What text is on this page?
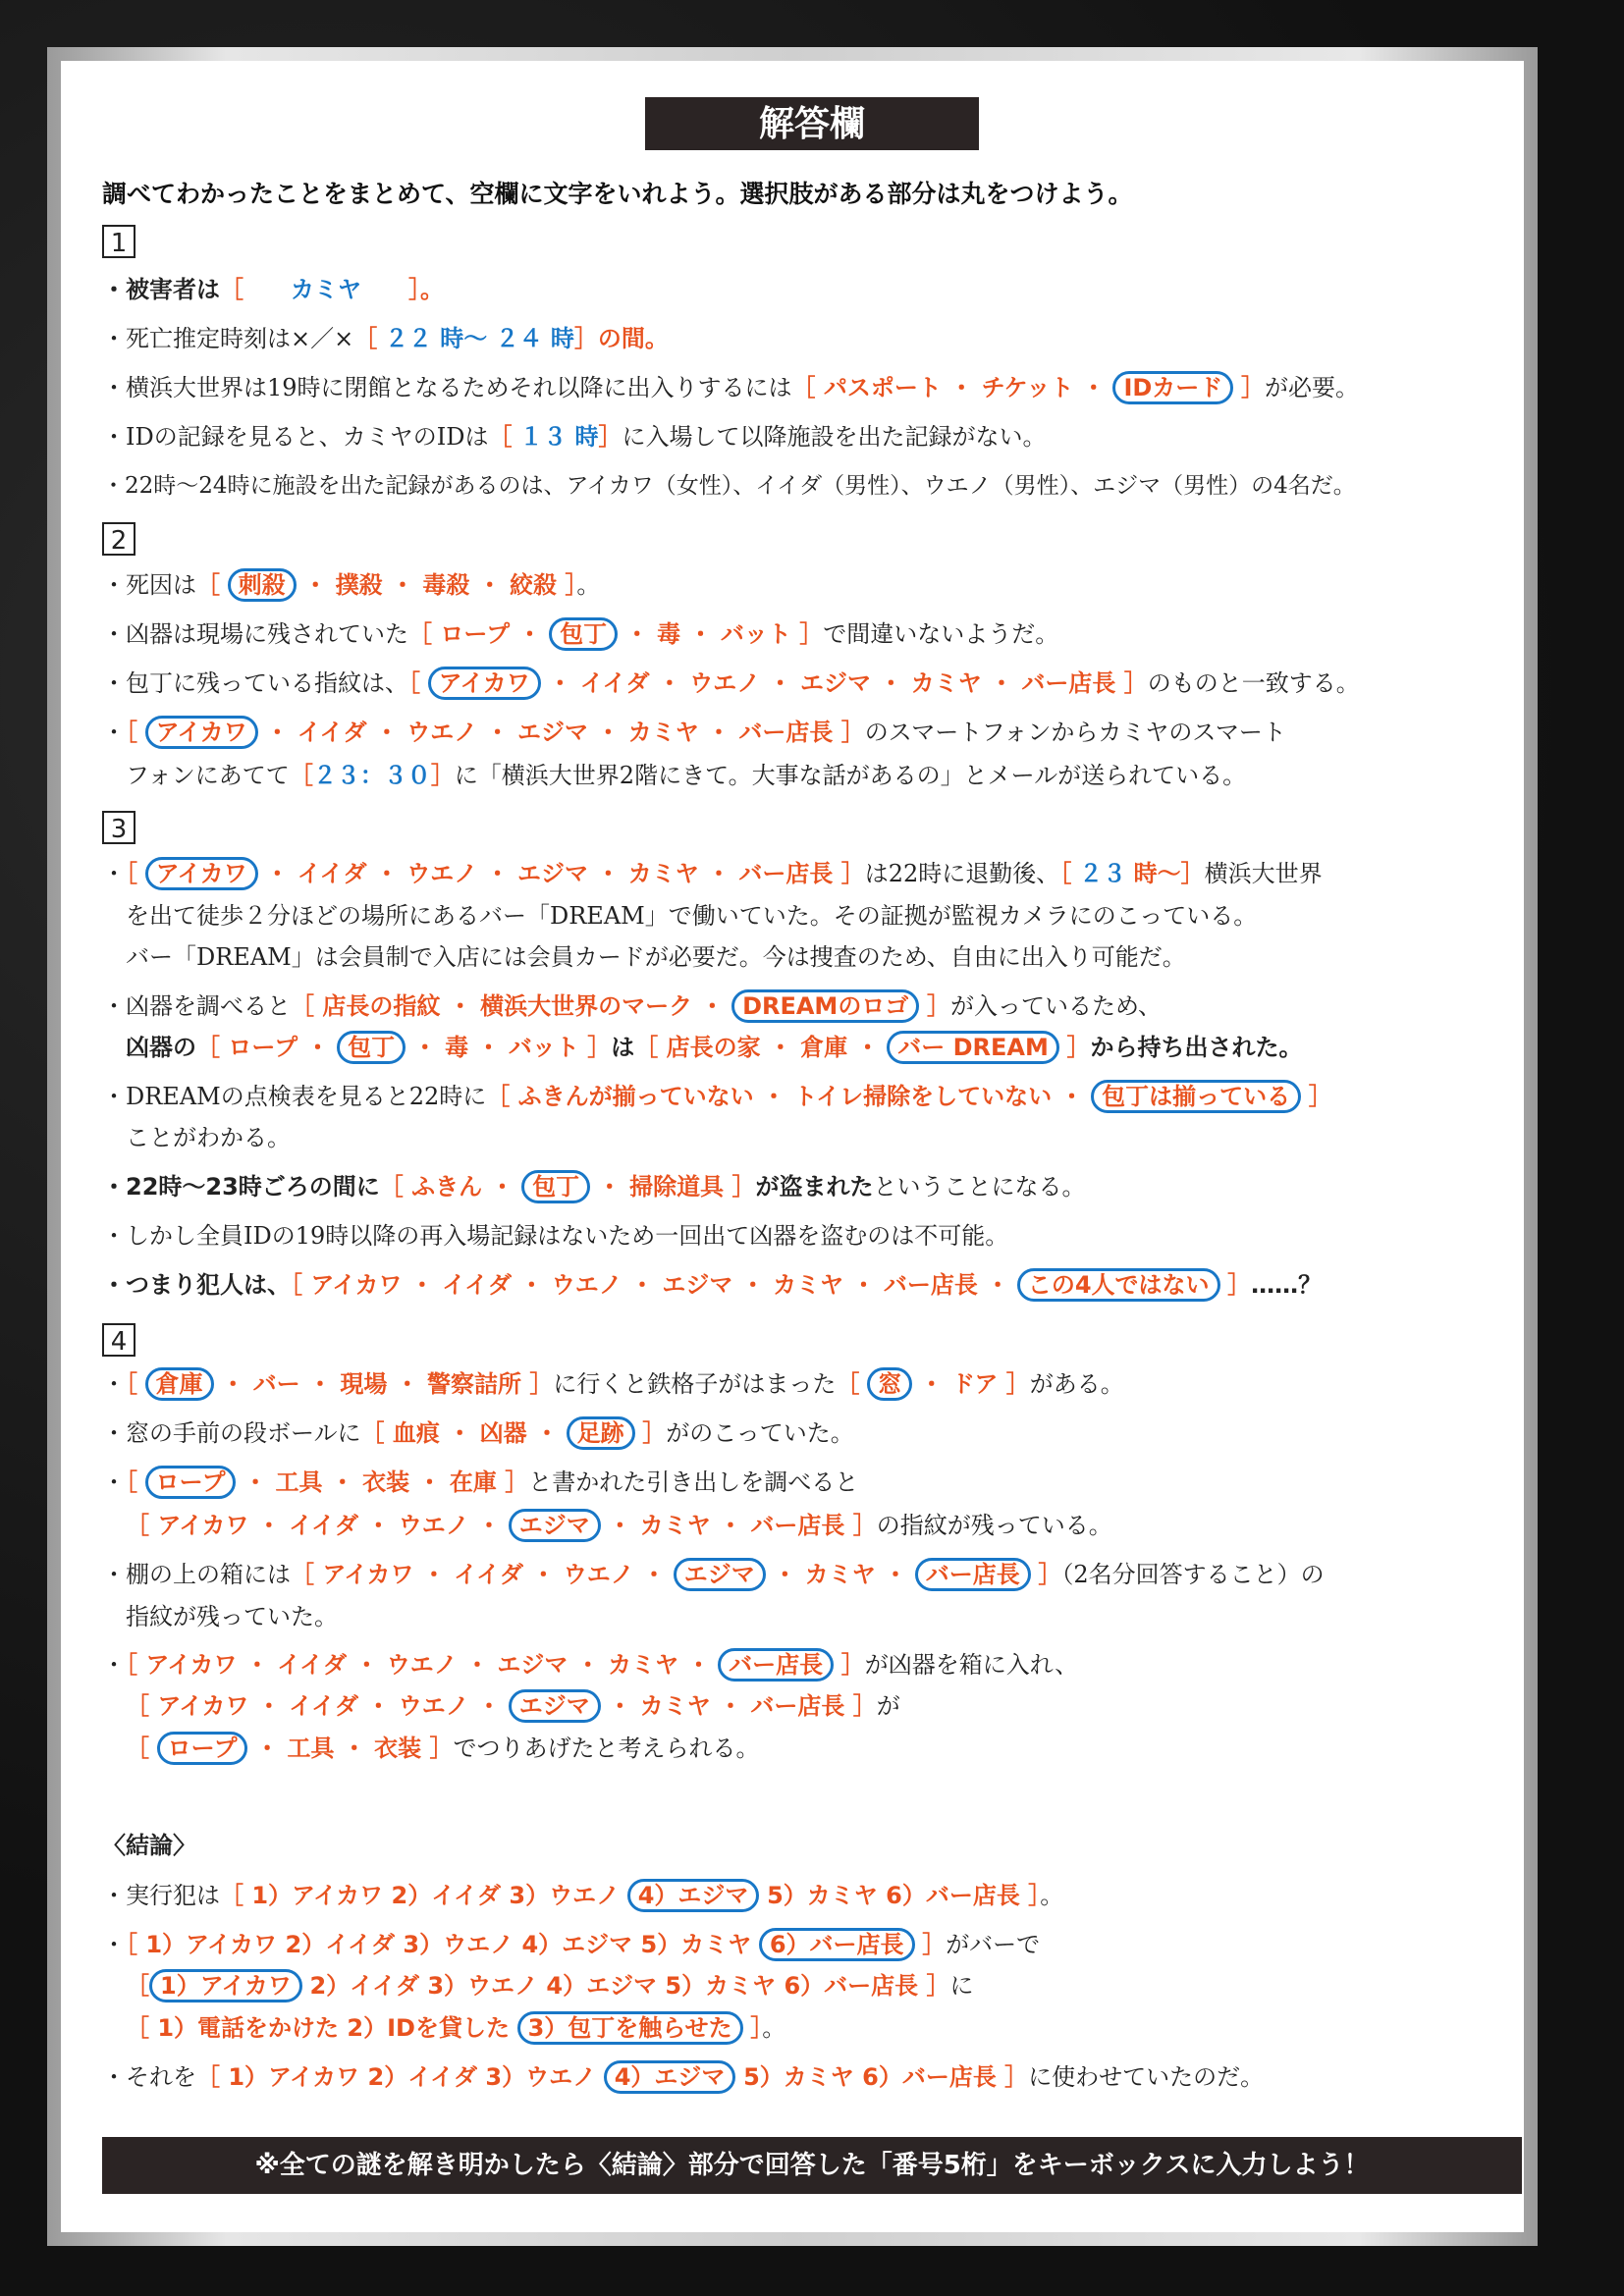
解答欄
調べてわかったことをまとめて、空欄に文字をいれよう。選択肢がある部分は丸をつけよう。
1
・被害者は［　　 カミヤ　　 ］。
・死亡推定時刻は×／×［ ２２ 時〜 ２４ 時］の間。
・横浜大世界は19時に閉館となるためそれ以降に出入りするには［ パスポート ・ チケット ・ IDカード ］が必要。
・IDの記録を見ると、カミヤのIDは［ １３ 時］に入場して以降施設を出た記録がない。
・22時〜24時に施設を出た記録があるのは、アイカワ（女性）、イイダ（男性）、ウエノ（男性）、エジマ（男性）の4名だ。
2
・死因は［ 刺殺 ・ 撲殺 ・ 毒殺 ・ 絞殺 ］。
・凶器は現場に残されていた［ ロープ ・ 包丁 ・ 毒 ・ バット ］で間違いないようだ。
・包丁に残っている指紋は、［ アイカワ ・ イイダ ・ ウエノ ・ エジマ ・ カミヤ ・ バー店長 ］のものと一致する。
・［ アイカワ ・ イイダ ・ ウエノ ・ エジマ ・ カミヤ ・ バー店長 ］のスマートフォンからカミヤのスマート
フォンにあてて［２３：３０］に「横浜大世界2階にきて。大事な話があるの」とメールが送られている。
3
・［ アイカワ ・ イイダ ・ ウエノ ・ エジマ ・ カミヤ ・ バー店長 ］は22時に退勤後、［ ２３ 時〜］横浜大世界
を出て徒歩２分ほどの場所にあるバー「DREAM」で働いていた。その証拠が監視カメラにのこっている。
バー「DREAM」は会員制で入店には会員カードが必要だ。今は捜査のため、自由に出入り可能だ。
・凶器を調べると［ 店長の指紋 ・ 横浜大世界のマーク ・ DREAMのロゴ ］が入っているため、
凶器の［ ロープ ・ 包丁 ・ 毒 ・ バット ］は［ 店長の家 ・ 倉庫 ・ バー DREAM ］から持ち出された。
・DREAMの点検表を見ると22時に［ ふきんが揃っていない ・ トイレ掃除をしていない ・ 包丁は揃っている ］
ことがわかる。
・22時〜23時ごろの間に［ ふきん ・ 包丁 ・ 掃除道具 ］が盗まれたということになる。
・しかし全員IDの19時以降の再入場記録はないため一回出て凶器を盗むのは不可能。
・つまり犯人は、［ アイカワ ・ イイダ ・ ウエノ ・ エジマ ・ カミヤ ・ バー店長 ・ この4人ではない ］……？
4
・［ 倉庫 ・ バー ・ 現場 ・ 警察詰所 ］に行くと鉄格子がはまった［ 窓 ・ ドア ］がある。
・窓の手前の段ボールに［ 血痕 ・ 凶器 ・ 足跡 ］がのこっていた。
・［ ロープ ・ 工具 ・ 衣装 ・ 在庫 ］と書かれた引き出しを調べると
［ アイカワ ・ イイダ ・ ウエノ ・ エジマ ・ カミヤ ・ バー店長 ］の指紋が残っている。
・棚の上の箱には［ アイカワ ・ イイダ ・ ウエノ ・ エジマ ・ カミヤ ・ バー店長 ］（2名分回答すること）の
指紋が残っていた。
・［ アイカワ ・ イイダ ・ ウエノ ・ エジマ ・ カミヤ ・ バー店長 ］が凶器を箱に入れ、
［ アイカワ ・ イイダ ・ ウエノ ・ エジマ ・ カミヤ ・ バー店長 ］が
［ ロープ ・ 工具 ・ 衣装 ］でつりあげたと考えられる。
〈結論〉
・実行犯は［ 1）アイカワ 2）イイダ 3）ウエノ 4）エジマ 5）カミヤ 6）バー店長 ］。
・［ 1）アイカワ 2）イイダ 3）ウエノ 4）エジマ 5）カミヤ 6）バー店長 ］がバーで
［ 1）アイカワ 2）イイダ 3）ウエノ 4）エジマ 5）カミヤ 6）バー店長 ］に
［ 1）電話をかけた 2）IDを貸した 3）包丁を触らせた ］。
・それを［ 1）アイカワ 2）イイダ 3）ウエノ 4）エジマ 5）カミヤ 6）バー店長 ］に使わせていたのだ。
※全ての謎を解き明かしたら〈結論〉部分で回答した「番号5桁」をキーボックスに入力しよう！
